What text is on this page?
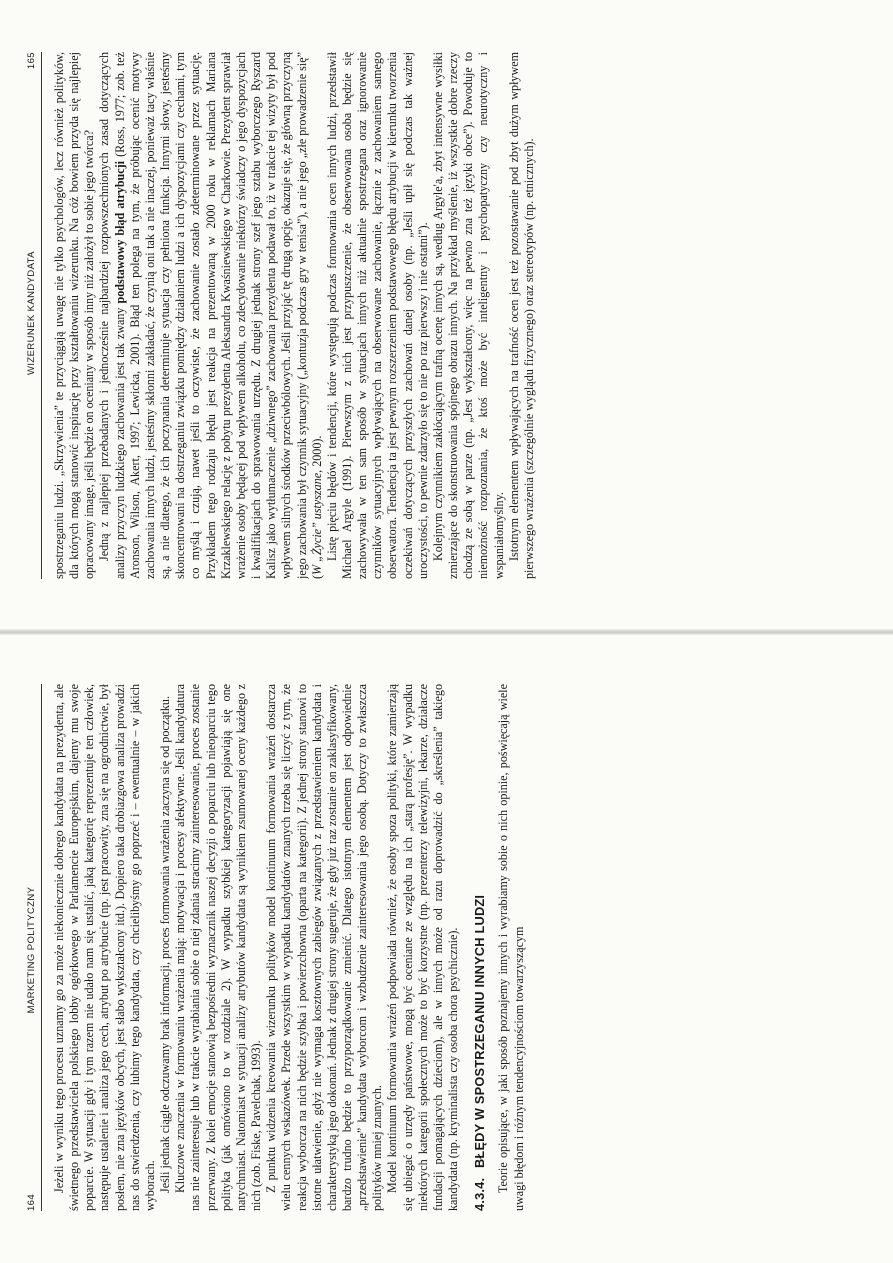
164
MARKETING POLITYCZNY Jeżeli w wyniku tego procesu uznamy go za może niekoniecznie dobrego kandydata na prezydenta, ale świetnego przedstawiciela polskiego lobby ogórkowego w Parlamencie Europejskim, dajemy mu swoje poparcie. W sytuacji gdy i tym razem nie udało nam się ustalić, jaką kategorię reprezentuje ten człowiek, następuje ustalenie i analiza jego cech, atrybut po atrybucie (np. jest pracowity, zna się na ogrodnictwie, był posłem, nie zna języków obcych, jest słabo wykształcony itd.). Dopiero taka drobiazgowa analiza prowadzi nas do stwierdzenia, czy lubimy tego kandydata, czy chcielibyśmy go poprzeć i – ewentualnie – w jakich wyborach. Jeśli jednak ciągle odczuwamy brak informacji, proces formowania wrażenia zaczyna się od początku. Kluczowe znaczenia w formowaniu wrażenia mają: motywacja i procesy afektywne. Jeśli kandydatura nas nie zainteresuje lub w trakcie wyrabiania sobie o niej zdania stracimy zainteresowanie, proces zostanie przerwany. Z kolei emocje stanowią bezpośredni wyznacznik naszej decyzji o poparciu lub nieoparciu tego polityka (jak omówiono to w rozdziale 2). W wypadku szybkiej kategoryzacji pojawiają się one natychmiast. Natomiast w sytuacji analizy atrybutów kandydata są wynikiem zsumowanej oceny każdego z nich (zob. Fiske, Pavelchak, 1993). Z punktu widzenia kreowania wizerunku polityków model kontinuum formowania wrażeń dostarcza wielu cennych wskazówek. Przede wszystkim w wypadku kandydatów znanych trzeba się liczyć z tym, że reakcja wyborcza na nich będzie szybka i powierzchowna (oparta na kategorii). Z jednej strony stanowi to istotne ułatwienie, gdyż nie wymaga kosztownych zabiegów związanych z przedstawieniem kandydata i charakterystyką jego dokonań. Jednak z drugiej strony sugeruje, że gdy już raz zostanie on zaklasyfikowany, bardzo trudno będzie to przyporządkowanie zmienić. Dlatego istotnym elementem jest odpowiednie „przedstawienie” kandydata wyborcom i wzbudzenie zainteresowania jego osobą. Dotyczy to zwłaszcza polityków mniej znanych. Model kontinuum formowania wrażeń podpowiada również, że osoby spoza polityki, które zamierzają się ubiegać o urzędy państwowe, mogą być oceniane ze względu na ich „starą profesję”. W wypadku niektórych kategorii społecznych może to być korzystne (np. prezenterzy telewizyjni, lekarze, działacze fundacji pomagających dzieciom), ale w innych może od razu doprowadzić do „skreślenia” takiego kandydata (np. kryminalista czy osoba chora psychicznie). 4.3.4. BŁĘDY W SPOSTRZEGANIU INNYCH LUDZI Teorie opisujące, w jaki sposób poznajemy innych i wyrabiamy sobie o nich opinie, poświęcają wiele uwagi błędom i różnym tendencyjnościom towarzyszącym

WIZERUNEK KANDYDATA
165 spostrzeganiu ludzi. „Skrzywienia” te przyciągają uwagę nie tylko psychologów, lecz również polityków, dla których mogą stanowić inspirację przy kształtowaniu wizerunku. Na cóż bowiem przyda się najlepiej opracowany image, jeśli będzie on oceniany w sposób inny niż założył to sobie jego twórca? Jedną z najlepiej przebadanych i jednocześnie najbardziej rozpowszechnionych zasad dotyczących analizy przyczyn ludzkiego zachowania jest tak zwany podstawowy błąd atrybucji (Ross, 1977; zob. też Aronson, Wilson, Akert, 1997; Lewicka, 2001). Błąd ten polega na tym, że próbując ocenić motywy zachowania innych ludzi, jesteśmy skłonni zakładać, że czynią oni tak a nie inaczej, ponieważ tacy właśnie są, a nie dlatego, że ich poczynania determinuje sytuacja czy pełniona funkcja. Innymi słowy, jesteśmy skoncentrowani na dostrzeganiu związku pomiędzy działaniem ludzi a ich dyspozycjami czy cechami, tym co myślą i czują, nawet jeśli to oczywiste, że zachowanie zostało zdeterminowane przez sytuację. Przykładem tego rodzaju błędu jest reakcja na prezentowaną w 2000 roku w reklamach Mariana Krzaklewskiego relację z pobytu prezydenta Aleksandra Kwaśniewskiego w Charkowie. Prezydent sprawiał wrażenie osoby będącej pod wpływem alkoholu, co zdecydowanie niektórzy świadczy o jego dyspozycjach i kwalifikacjach do sprawowania urzędu. Z drugiej jednak strony szef jego sztabu wyborczego Ryszard Kalisz jako wytłumaczenie „dziwnego” zachowania prezydenta podawał to, iż w trakcie tej wizyty był pod wpływem silnych środków przeciwbólowych. Jeśli przyjąć tę drugą opcję, okazuje się, że główną przyczyną jego zachowania był czynnik sytuacyjny („kontuzja podczas gry w tenisa”), a nie jego „złe prowadzenie się” (W „Życie” ustyszane, 2000). Listę pięciu błędów i tendencji, które występują podczas formowania ocen innych ludzi, przedstawił Michael Argyle (1991). Pierwszym z nich jest przypuszczenie, że obserwowana osoba będzie się zachowywała w ten sam sposób w sytuacjach innych niż aktualnie spostrzegana oraz ignorowanie czynników sytuacyjnych wpływających na obserwowane zachowanie, łącznie z zachowaniem samego obserwatora. Tendencja ta jest pewnym rozszerzeniem podstawowego błędu atrybucji w kierunku tworzenia oczekiwań dotyczących przyszłych zachowań danej osoby (np. „Jeśli upił się podczas tak ważnej uroczystości, to pewnie zdarzyło się to nie po raz pierwszy i nie ostatni”). Kolejnym czynnikiem zakłócającym trafną ocenę innych są, według Argyle'a, zbyt intensywne wysiłki zmierzające do skonstruowania spójnego obrazu innych. Na przykład myślenie, iż wszystkie dobre rzeczy chodzą ze sobą w parze (np. „Jest wykształcony, więc na pewno zna też języki obce”). Powoduje to niemożność rozpoznania, że ktoś może być inteligentny i psychopatyczny czy neurotyczny i wspaniałomyślny. Istotnym elementem wpływających na trafność ocen jest też pozostawanie pod zbyt dużym wpływem pierwszego wrażenia (szczególnie wyglądu fizycznego) oraz stereotypów (np. etnicznych).
